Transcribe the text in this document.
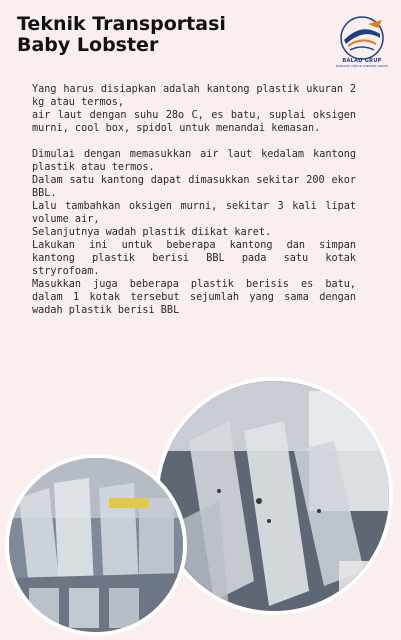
Teknik Transportasi
Baby Lobster
BALAD GRUP
BARAKAH UNTUK LOBSTER GROUP

Yang harus disiapkan adalah kantong plastik ukuran 2 kg atau termos,

air laut dengan suhu 28o C, es batu, suplai oksigen murni, cool box, spidol untuk menandai kemasan.

Dimulai dengan memasukkan air laut kedalam kantong plastik atau termos.

Dalam satu kantong dapat dimasukkan sekitar 200 ekor BBL.

Lalu tambahkan oksigen murni, sekitar 3 kali lipat volume air,

Selanjutnya wadah plastik diikat karet.

Lakukan ini untuk beberapa kantong dan simpan kantong plastik berisi BBL pada satu kotak stryrofoam.

Masukkan juga beberapa plastik berisis es batu, dalam 1 kotak tersebut sejumlah yang sama dengan wadah plastik berisi BBL
